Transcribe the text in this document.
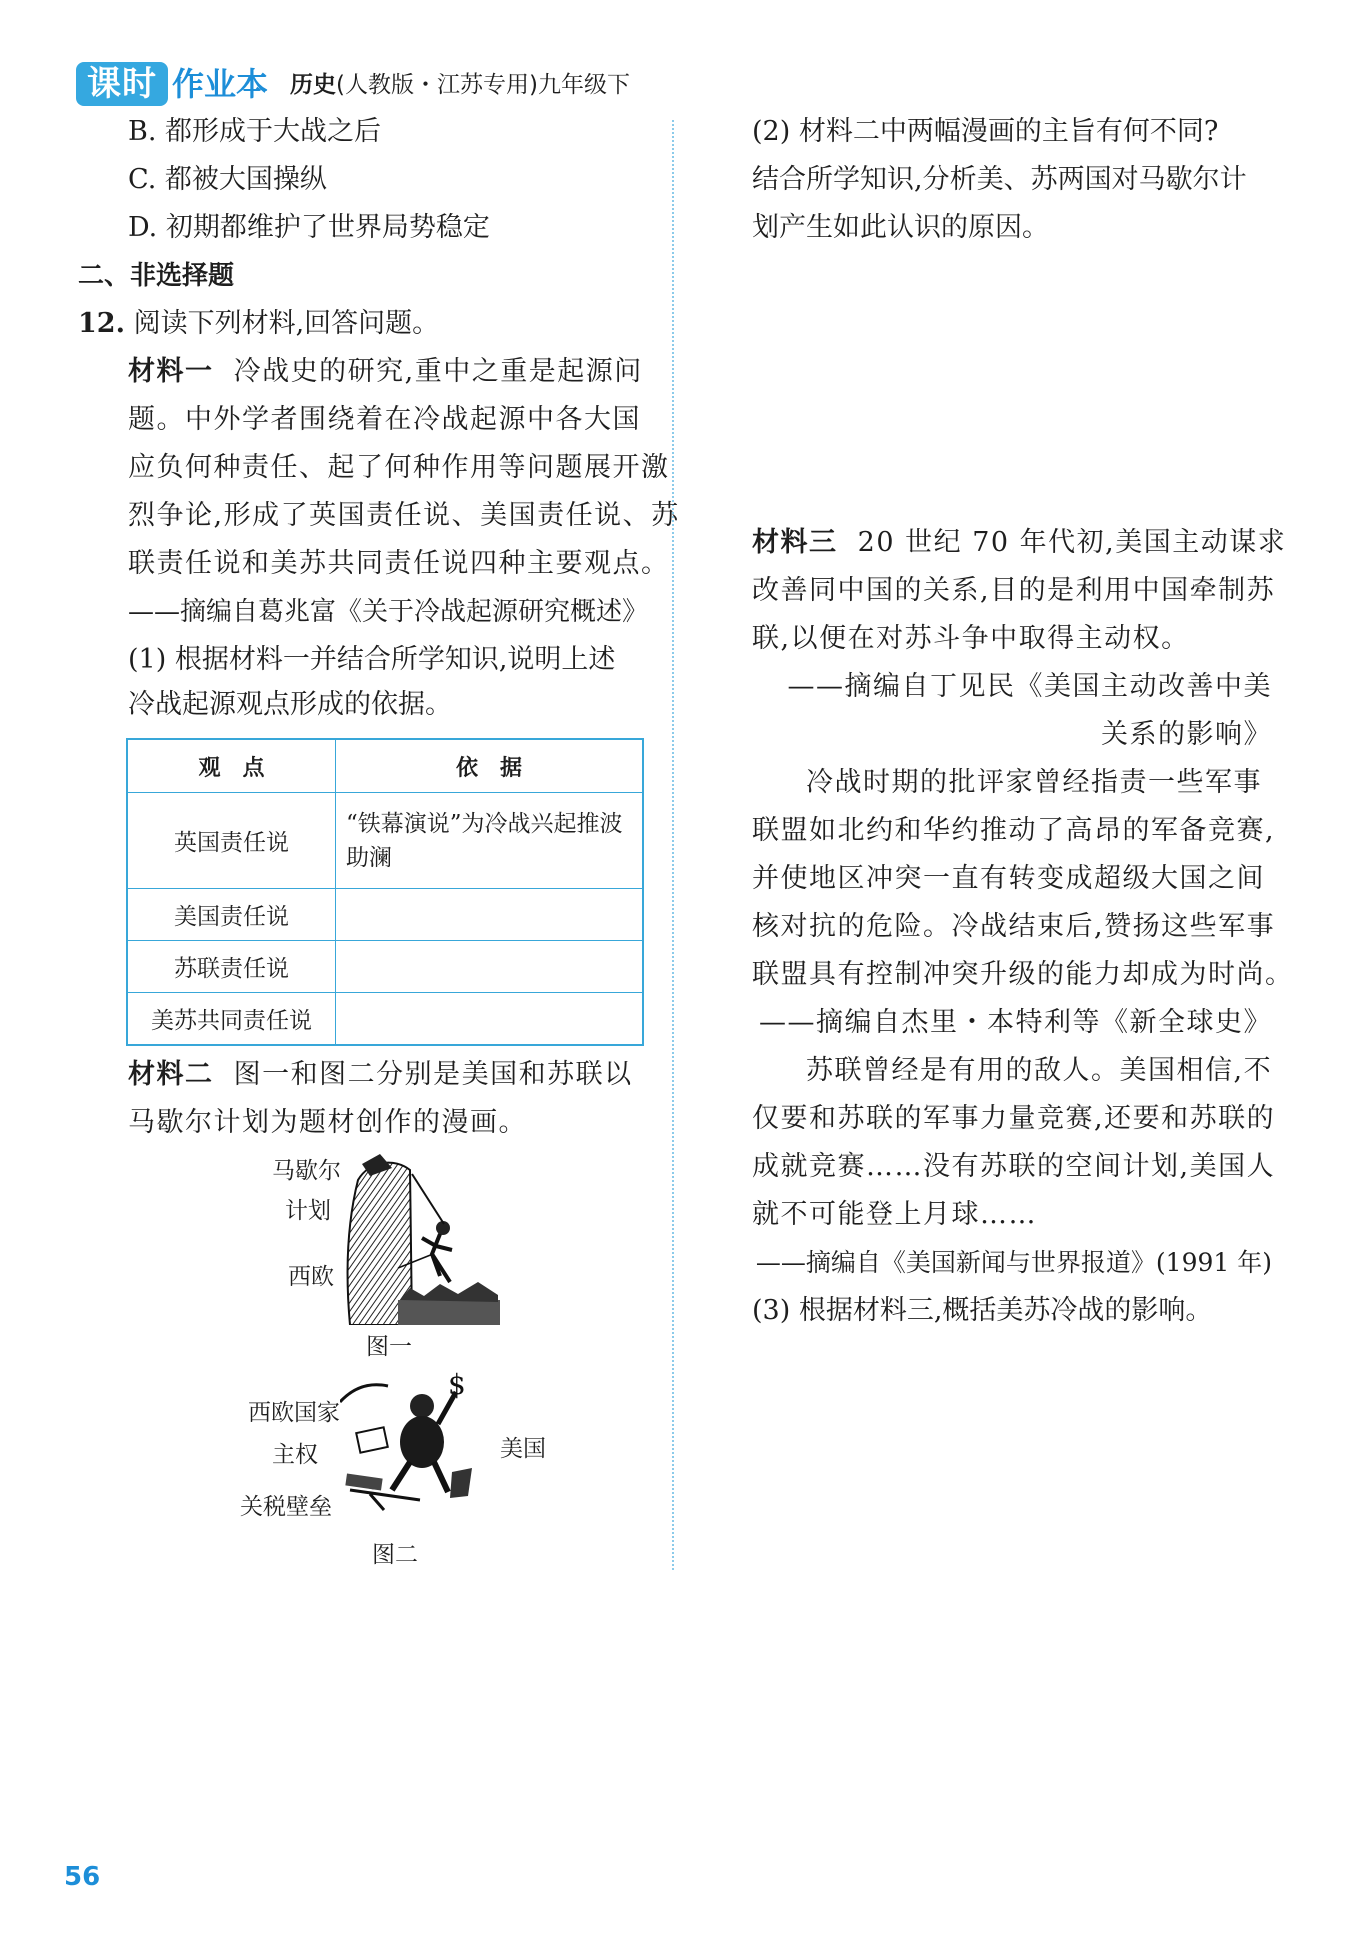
课时 作业本 历史(人教版・江苏专用)九年级下
B. 都形成于大战之后
C. 都被大国操纵
D. 初期都维护了世界局势稳定
二、非选择题
12. 阅读下列材料,回答问题。
材料一 冷战史的研究,重中之重是起源问
题。中外学者围绕着在冷战起源中各大国
应负何种责任、起了何种作用等问题展开激
烈争论,形成了英国责任说、美国责任说、苏
联责任说和美苏共同责任说四种主要观点。
——摘编自葛兆富《关于冷战起源研究概述》
(1) 根据材料一并结合所学知识,说明上述
冷战起源观点形成的依据。
观　点	依　据
英国责任说	“铁幕演说”为冷战兴起推波助澜
美国责任说	
苏联责任说	
美苏共同责任说	
材料二 图一和图二分别是美国和苏联以
马歇尔计划为题材创作的漫画。
马歇尔
计划
西欧
图一
$
西欧国家
主权	美国
关税壁垒
图二
(2) 材料二中两幅漫画的主旨有何不同?
结合所学知识,分析美、苏两国对马歇尔计
划产生如此认识的原因。
材料三 20 世纪 70 年代初,美国主动谋求
改善同中国的关系,目的是利用中国牵制苏
联,以便在对苏斗争中取得主动权。
——摘编自丁见民《美国主动改善中美
关系的影响》
冷战时期的批评家曾经指责一些军事
联盟如北约和华约推动了高昂的军备竞赛,
并使地区冲突一直有转变成超级大国之间
核对抗的危险。冷战结束后,赞扬这些军事
联盟具有控制冲突升级的能力却成为时尚。
——摘编自杰里・本特利等《新全球史》
苏联曾经是有用的敌人。美国相信,不
仅要和苏联的军事力量竞赛,还要和苏联的
成就竞赛……没有苏联的空间计划,美国人
就不可能登上月球……
——摘编自《美国新闻与世界报道》(1991 年)
(3) 根据材料三,概括美苏冷战的影响。
56
